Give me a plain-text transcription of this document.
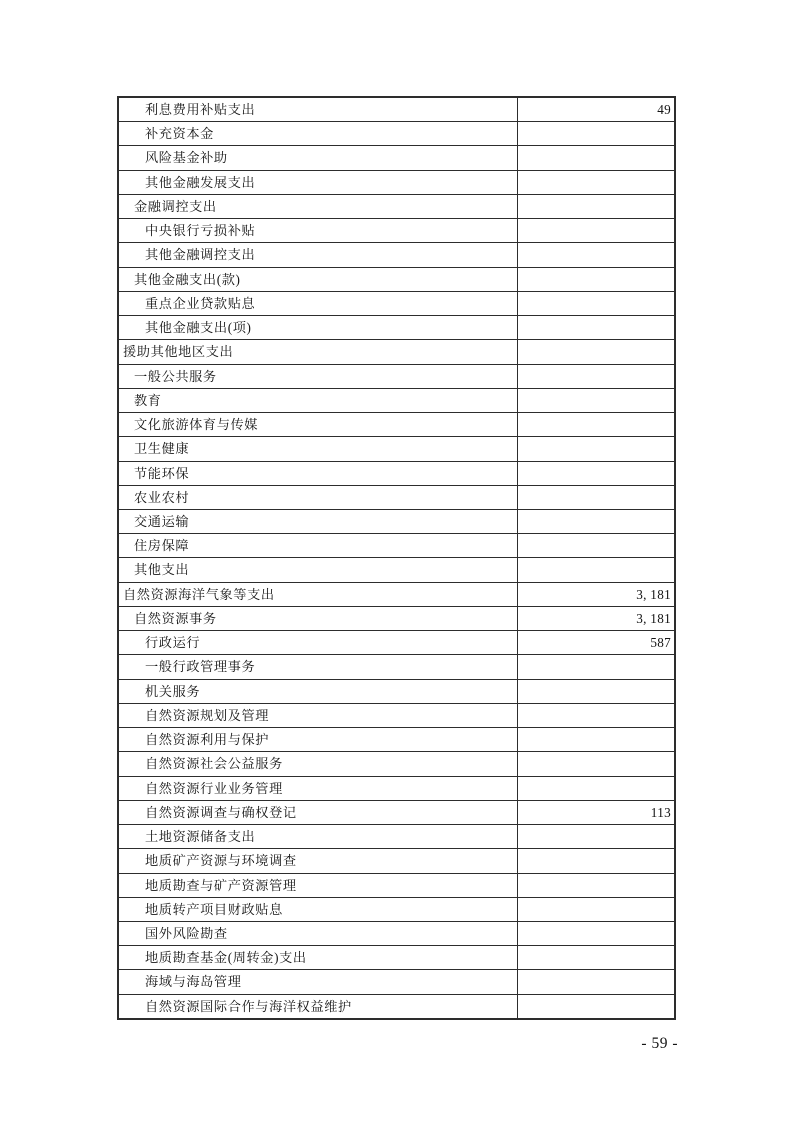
利息费用补贴支出	49
补充资本金
风险基金补助
其他金融发展支出
金融调控支出
中央银行亏损补贴
其他金融调控支出
其他金融支出(款)
重点企业贷款贴息
其他金融支出(项)
援助其他地区支出
一般公共服务
教育
文化旅游体育与传媒
卫生健康
节能环保
农业农村
交通运输
住房保障
其他支出
自然资源海洋气象等支出	3, 181
自然资源事务	3, 181
行政运行	587
一般行政管理事务
机关服务
自然资源规划及管理
自然资源利用与保护
自然资源社会公益服务
自然资源行业业务管理
自然资源调查与确权登记	113
土地资源储备支出
地质矿产资源与环境调查
地质勘查与矿产资源管理
地质转产项目财政贴息
国外风险勘查
地质勘查基金(周转金)支出
海域与海岛管理
自然资源国际合作与海洋权益维护
- 59 -
